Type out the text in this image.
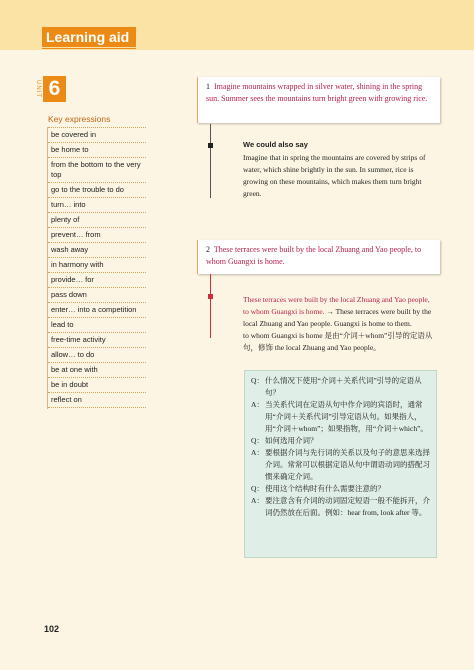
Learning aid
UNIT 6
Key expressions
be covered in
be home to
from the bottom to the very top
go to the trouble to do
turn… into
plenty of
prevent… from
wash away
in harmony with
provide… for
pass down
enter… into a competition
lead to
free-time activity
allow… to do
be at one with
be in doubt
reflect on
1 Imagine mountains wrapped in silver water, shining in the spring sun. Summer sees the mountains turn bright green with growing rice.
We could also say
Imagine that in spring the mountains are covered by strips of water, which shine brightly in the sun. In summer, rice is growing on these mountains, which makes them turn bright green.
2 These terraces were built by the local Zhuang and Yao people, to whom Guangxi is home.
These terraces were built by the local Zhuang and Yao people, to whom Guangxi is home. → These terraces were built by the local Zhuang and Yao people. Guangxi is home to them.
to whom Guangxi is home 是由“介词＋whom”引导的定语从句，修饰 the local Zhuang and Yao people。
Q： 什么情况下使用“介词＋关系代词”引导的定语从句？
A： 当关系代词在定语从句中作介词的宾语时，通常用“介词＋关系代词”引导定语从句。如果指人，用“介词＋whom”；如果指物，用“介词＋which”。
Q： 如何选用介词？
A： 要根据介词与先行词的关系以及句子的意思来选择介词。常常可以根据定语从句中谓语动词的搭配习惯来确定介词。
Q： 使用这个结构时有什么需要注意的？
A： 要注意含有介词的动词固定短语一般不能拆开，介词仍然放在后面。例如：hear from, look after 等。
102
